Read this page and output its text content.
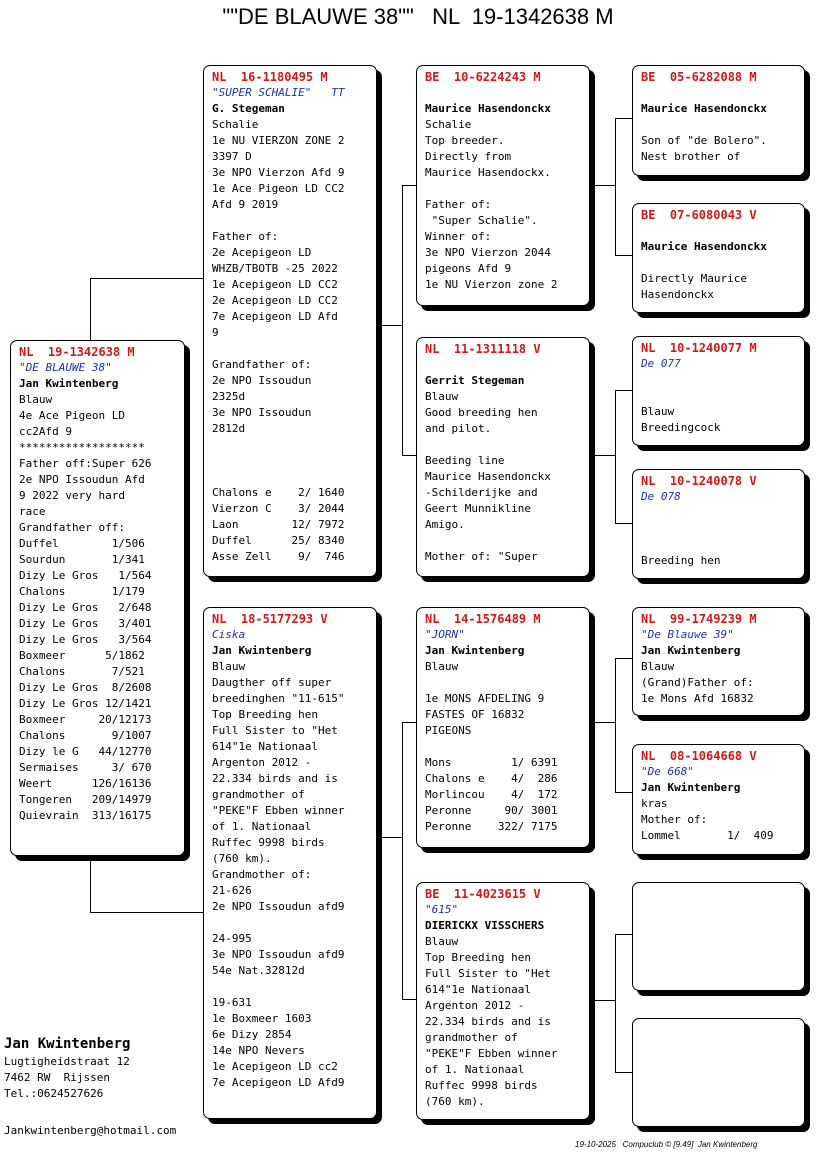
""DE BLAUWE 38""   NL  19-1342638 M
NL  19-1342638 M
"DE BLAUWE 38"
Jan Kwintenberg
Blauw
4e Ace Pigeon LD
cc2Afd 9
*******************
Father off:Super 626
2e NPO Issoudun Afd
9 2022 very hard
race
Grandfather off:
Duffel        1/506
Sourdun       1/341
Dizy Le Gros   1/564
Chalons       1/179
Dizy Le Gros   2/648
Dizy Le Gros   3/401
Dizy Le Gros   3/564
Boxmeer      5/1862
Chalons       7/521
Dizy Le Gros  8/2608
Dizy Le Gros 12/1421
Boxmeer     20/12173
Chalons       9/1007
Dizy le G   44/12770
Sermaises     3/ 670
Weert      126/16136
Tongeren   209/14979
Quievrain  313/16175
NL  16-1180495 M
"SUPER SCHALIE"   TT
G. Stegeman
Schalie
1e NU VIERZON ZONE 2
3397 D
3e NPO Vierzon Afd 9
1e Ace Pigeon LD CC2
Afd 9 2019
Father of:
2e Acepigeon LD
WHZB/TBOTB -25 2022
1e Acepigeon LD CC2
2e Acepigeon LD CC2
7e Acepigeon LD Afd
9
Grandfather of:
2e NPO Issoudun
2325d
3e NPO Issoudun
2812d
Chalons e    2/ 1640
Vierzon C    3/ 2044
Laon        12/ 7972
Duffel      25/ 8340
Asse Zell    9/  746
NL  18-5177293 V
Ciska
Jan Kwintenberg
Blauw
Daugther off super
breedinghen "11-615"
Top Breeding hen
Full Sister to "Het
614"1e Nationaal
Argenton 2012 -
22.334 birds and is
grandmother of
"PEKE"F Ebben winner
of 1. Nationaal
Ruffec 9998 birds
(760 km).
Grandmother of:
21-626
2e NPO Issoudun afd9
24-995
3e NPO Issoudun afd9
54e Nat.32812d
19-631
1e Boxmeer 1603
6e Dizy 2854
14e NPO Nevers
1e Acepigeon LD cc2
7e Acepigeon LD Afd9
BE  10-6224243 M
Maurice Hasendonckx
Schalie
Top breeder.
Directly from
Maurice Hasendockx.
Father of:
"Super Schalie".
Winner of:
3e NPO Vierzon 2044
pigeons Afd 9
1e NU Vierzon zone 2
NL  11-1311118 V
Gerrit Stegeman
Blauw
Good breeding hen
and pilot.
Beeding line
Maurice Hasendonckx
-Schilderijke and
Geert Munnikline
Amigo.
Mother of: "Super
NL  14-1576489 M
"JORN"
Jan Kwintenberg
Blauw
1e MONS AFDELING 9
FASTES OF 16832
PIGEONS
Mons         1/ 6391
Chalons e    4/  286
Morlincou    4/  172
Peronne     90/ 3001
Peronne    322/ 7175
BE  11-4023615 V
"615"
DIERICKX VISSCHERS
Blauw
Top Breeding hen
Full Sister to "Het
614"1e Nationaal
Argenton 2012 -
22.334 birds and is
grandmother of
"PEKE"F Ebben winner
of 1. Nationaal
Ruffec 9998 birds
(760 km).
BE  05-6282088 M
Maurice Hasendonckx
Son of "de Bolero".
Nest brother of
BE  07-6080043 V
Maurice Hasendonckx
Directly Maurice
Hasendonckx
NL  10-1240077 M
De 077
Blauw
Breedingcock
NL  10-1240078 V
De 078
Breeding hen
NL  99-1749239 M
"De Blauwe 39"
Jan Kwintenberg
Blauw
(Grand)Father of:
1e Mons Afd 16832
NL  08-1064668 V
"De 668"
Jan Kwintenberg
kras
Mother of:
Lommel       1/  409
Jan Kwintenberg
Lugtigheidstraat 12
7462 RW  Rijssen
Tel.:0624527626
Jankwintenberg@hotmail.com
19-10-2025   Compuclub © [9.49]  Jan Kwintenberg
